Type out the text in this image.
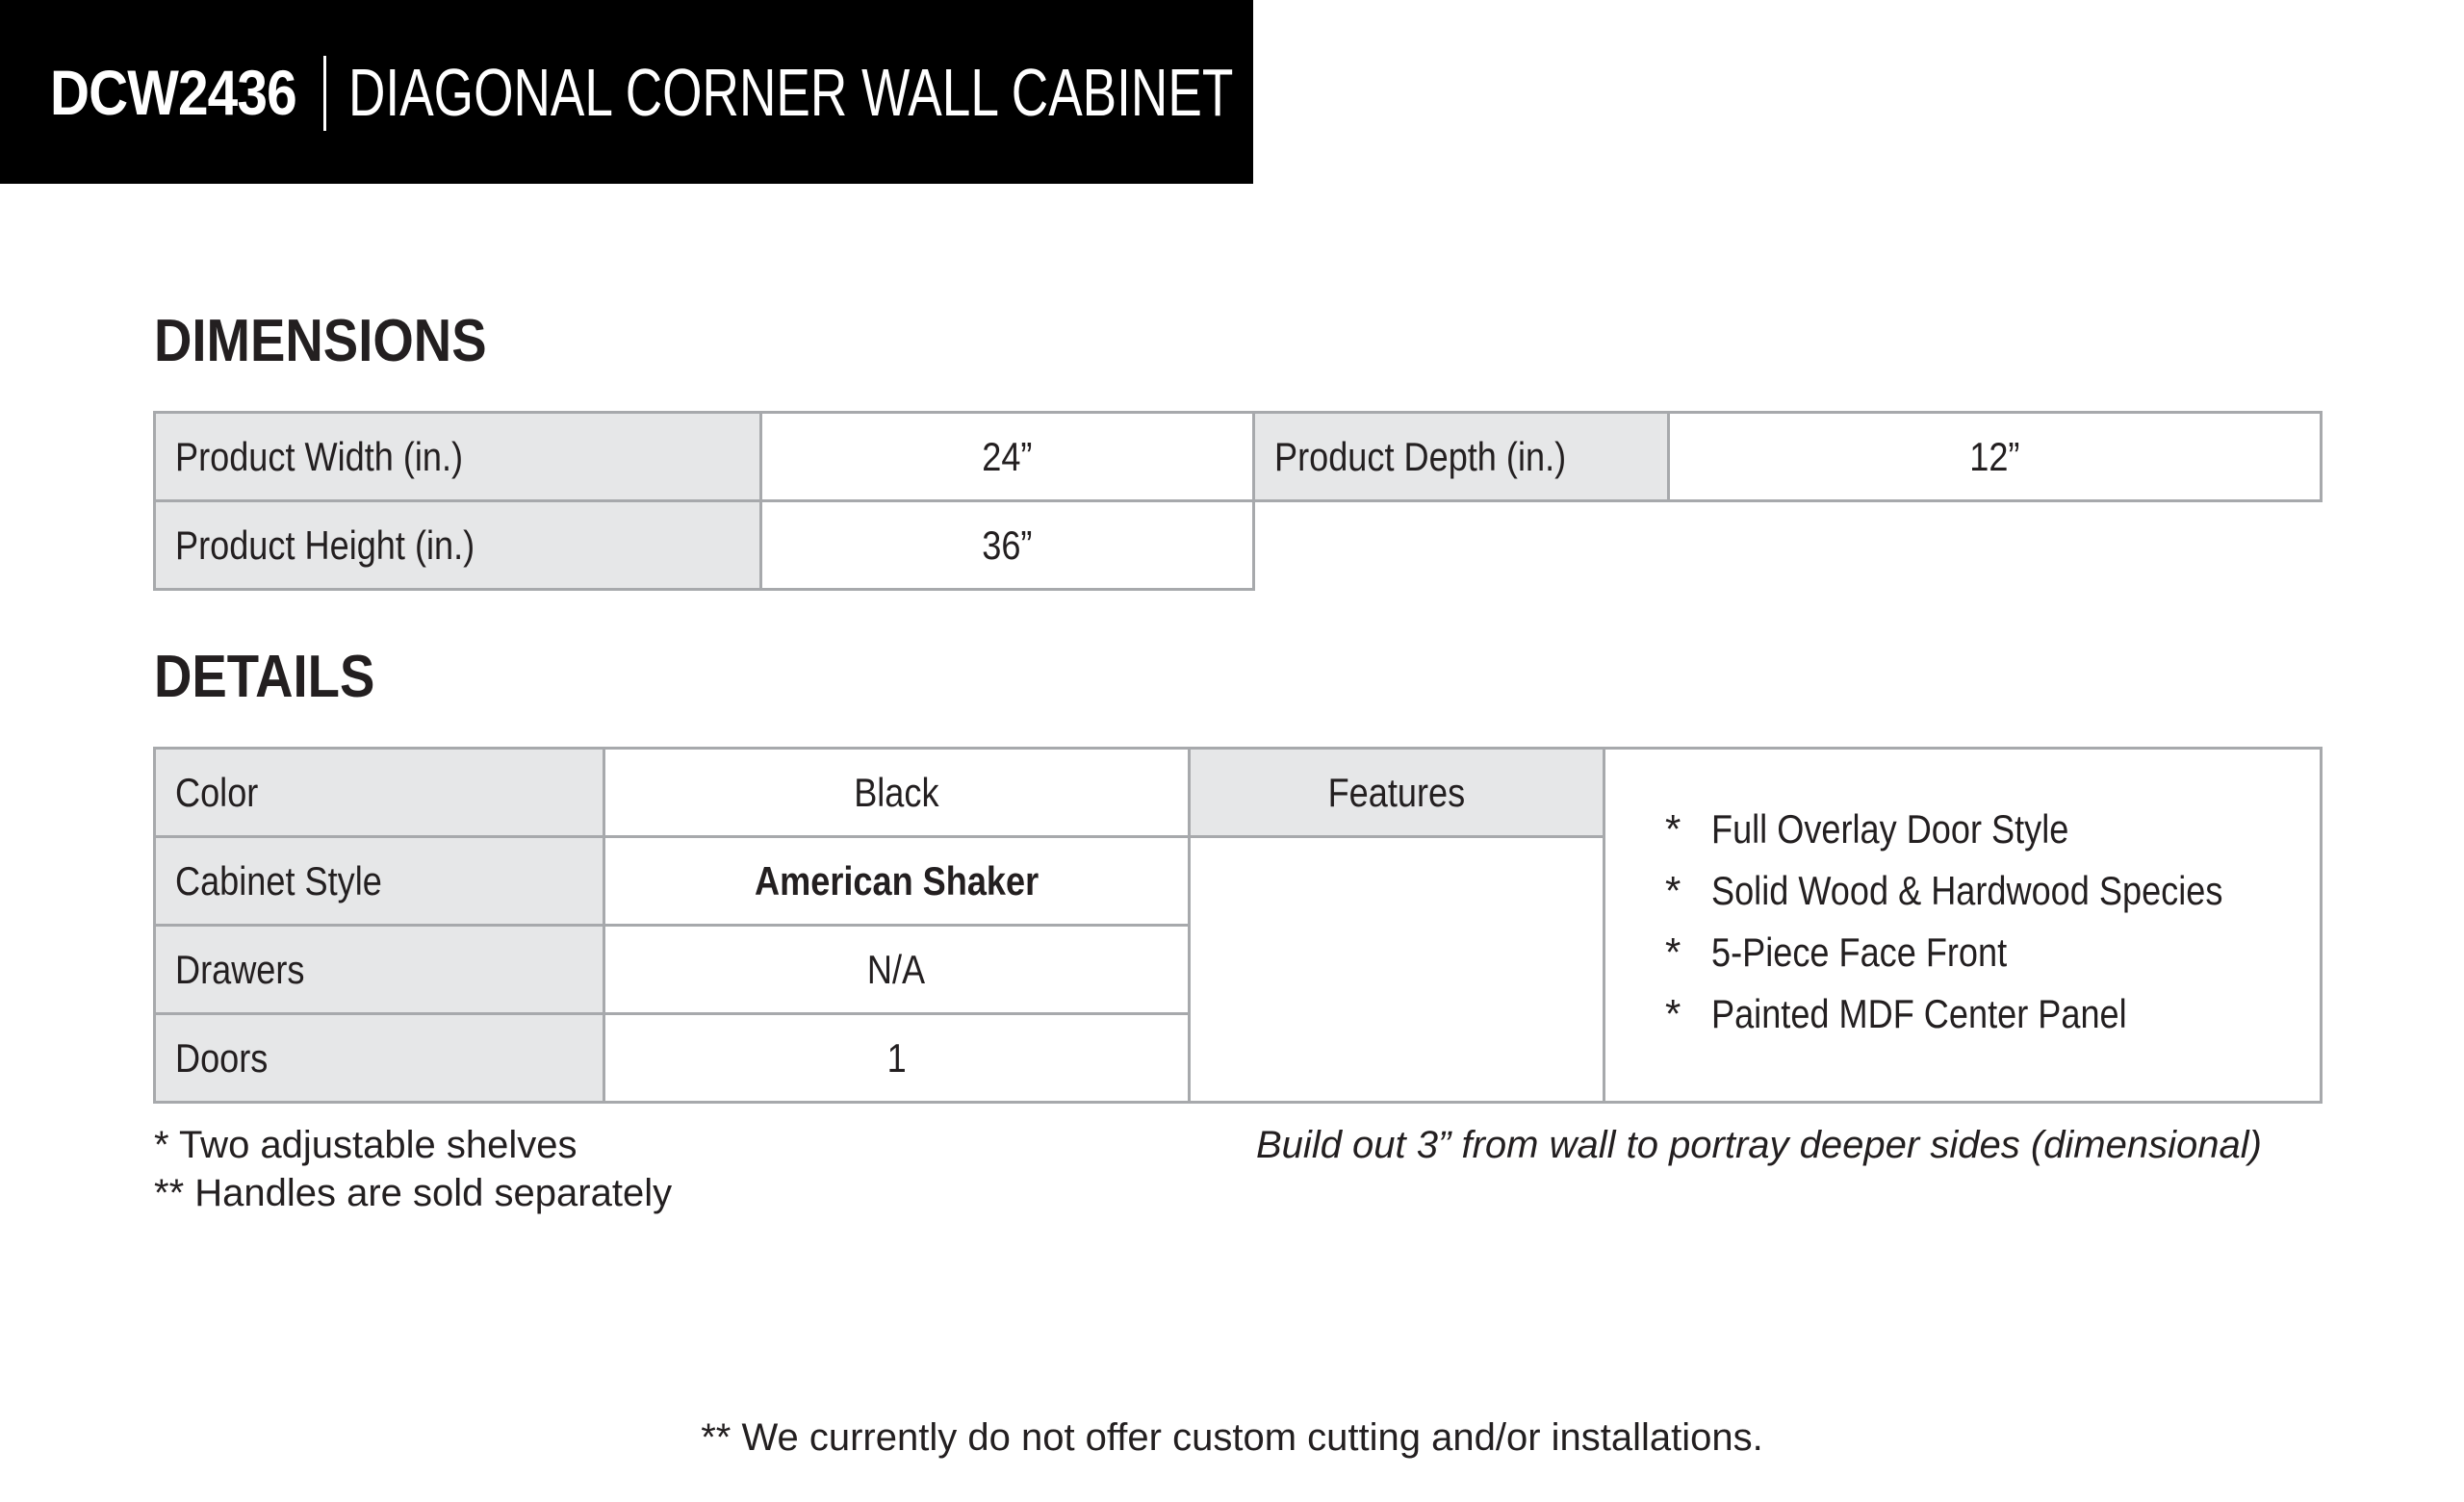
DCW2436 DIAGONAL CORNER WALL CABINET
DIMENSIONS
Product Width (in.)	24”	Product Depth (in.)	12”
Product Height (in.)	36”
DETAILS
Color	Black
Cabinet Style	American Shaker
Drawers	N/A
Doors	1
Features
* Full Overlay Door Style
* Solid Wood & Hardwood Species
* 5-Piece Face Front
* Painted MDF Center Panel
* Two adjustable shelves
** Handles are sold separately
Build out 3” from wall to portray deeper sides (dimensional)
** We currently do not offer custom cutting and/or installations.
